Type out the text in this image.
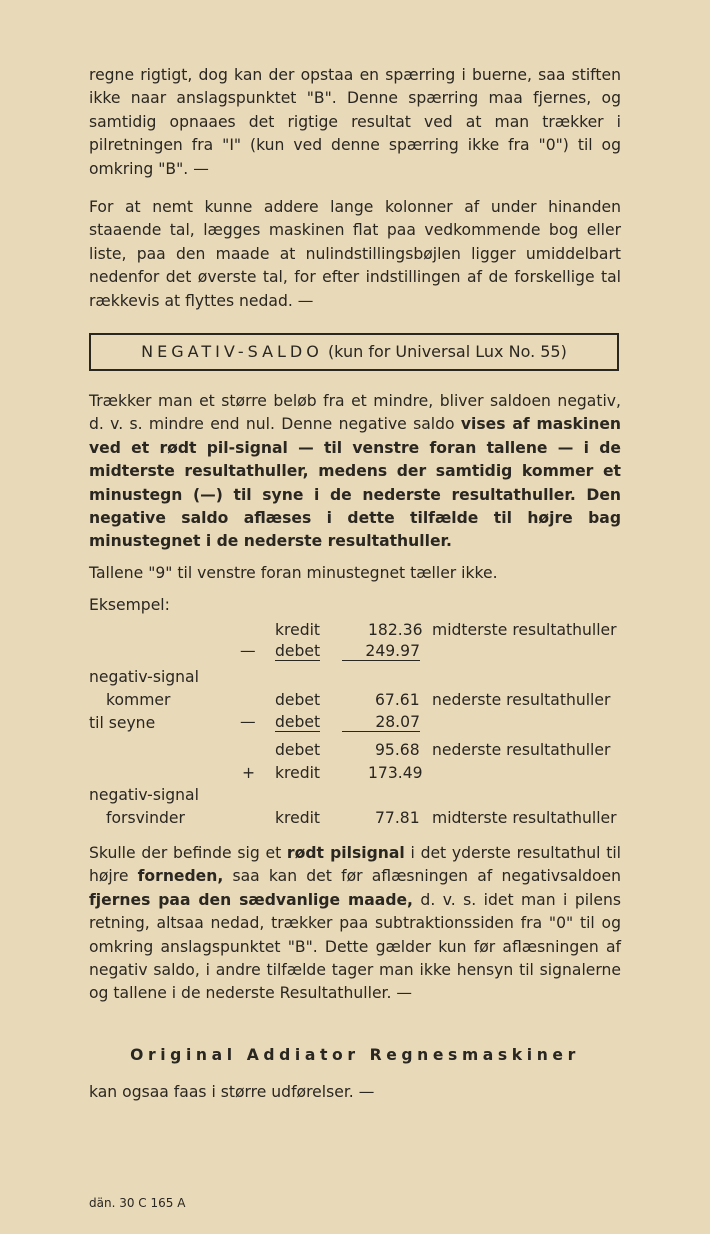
regne rigtigt, dog kan der opstaa en spærring i buerne, saa stiften ikke naar anslagspunktet "B". Denne spærring maa fjernes, og samtidig opnaaes det rigtige resultat ved at man trækker i pilretningen fra "I" (kun ved denne spærring ikke fra "0") til og omkring "B". —

For at nemt kunne addere lange kolonner af under hinanden staaende tal, lægges maskinen flat paa vedkommende bog eller liste, paa den maade at nulindstillingsbøjlen ligger umiddelbart nedenfor det øverste tal, for efter indstillingen af de forskellige tal rækkevis at flyttes nedad. —

NEGATIV-SALDO (kun for Universal Lux No. 55)

Trækker man et større beløb fra et mindre, bliver saldoen negativ, d. v. s. mindre end nul. Denne negative saldo vises af maskinen ved et rødt pil-signal — til venstre foran tallene — i de midterste resultathuller, medens der samtidig kommer et minustegn (—) til syne i de nederste resultathuller. Den negative saldo aflæses i dette tilfælde til højre bag minustegnet i de nederste resultathuller.

Tallene "9" til venstre foran minustegnet tæller ikke.

Eksempel:
kredit	182.36 midterste resultathuller
— debet	249.97
negativ-signal
kommer
til seyne
debet	67.61 nederste resultathuller
— debet	28.07
debet	95.68 nederste resultathuller
+ kredit	173.49
negativ-signal
forsvinder	kredit	77.81 midterste resultathuller

Skulle der befinde sig et rødt pilsignal i det yderste resultathul til højre forneden, saa kan det før aflæsningen af negativsaldoen fjernes paa den sædvanlige maade, d. v. s. idet man i pilens retning, altsaa nedad, trækker paa subtraktionssiden fra "0" til og omkring anslagspunktet "B". Dette gælder kun før aflæsningen af negativ saldo, i andre tilfælde tager man ikke hensyn til signalerne og tallene i de nederste Resultathuller. —

Original Addiator Regnesmaskiner
kan ogsaa faas i større udførelser. —
dän. 30 C 165 A
